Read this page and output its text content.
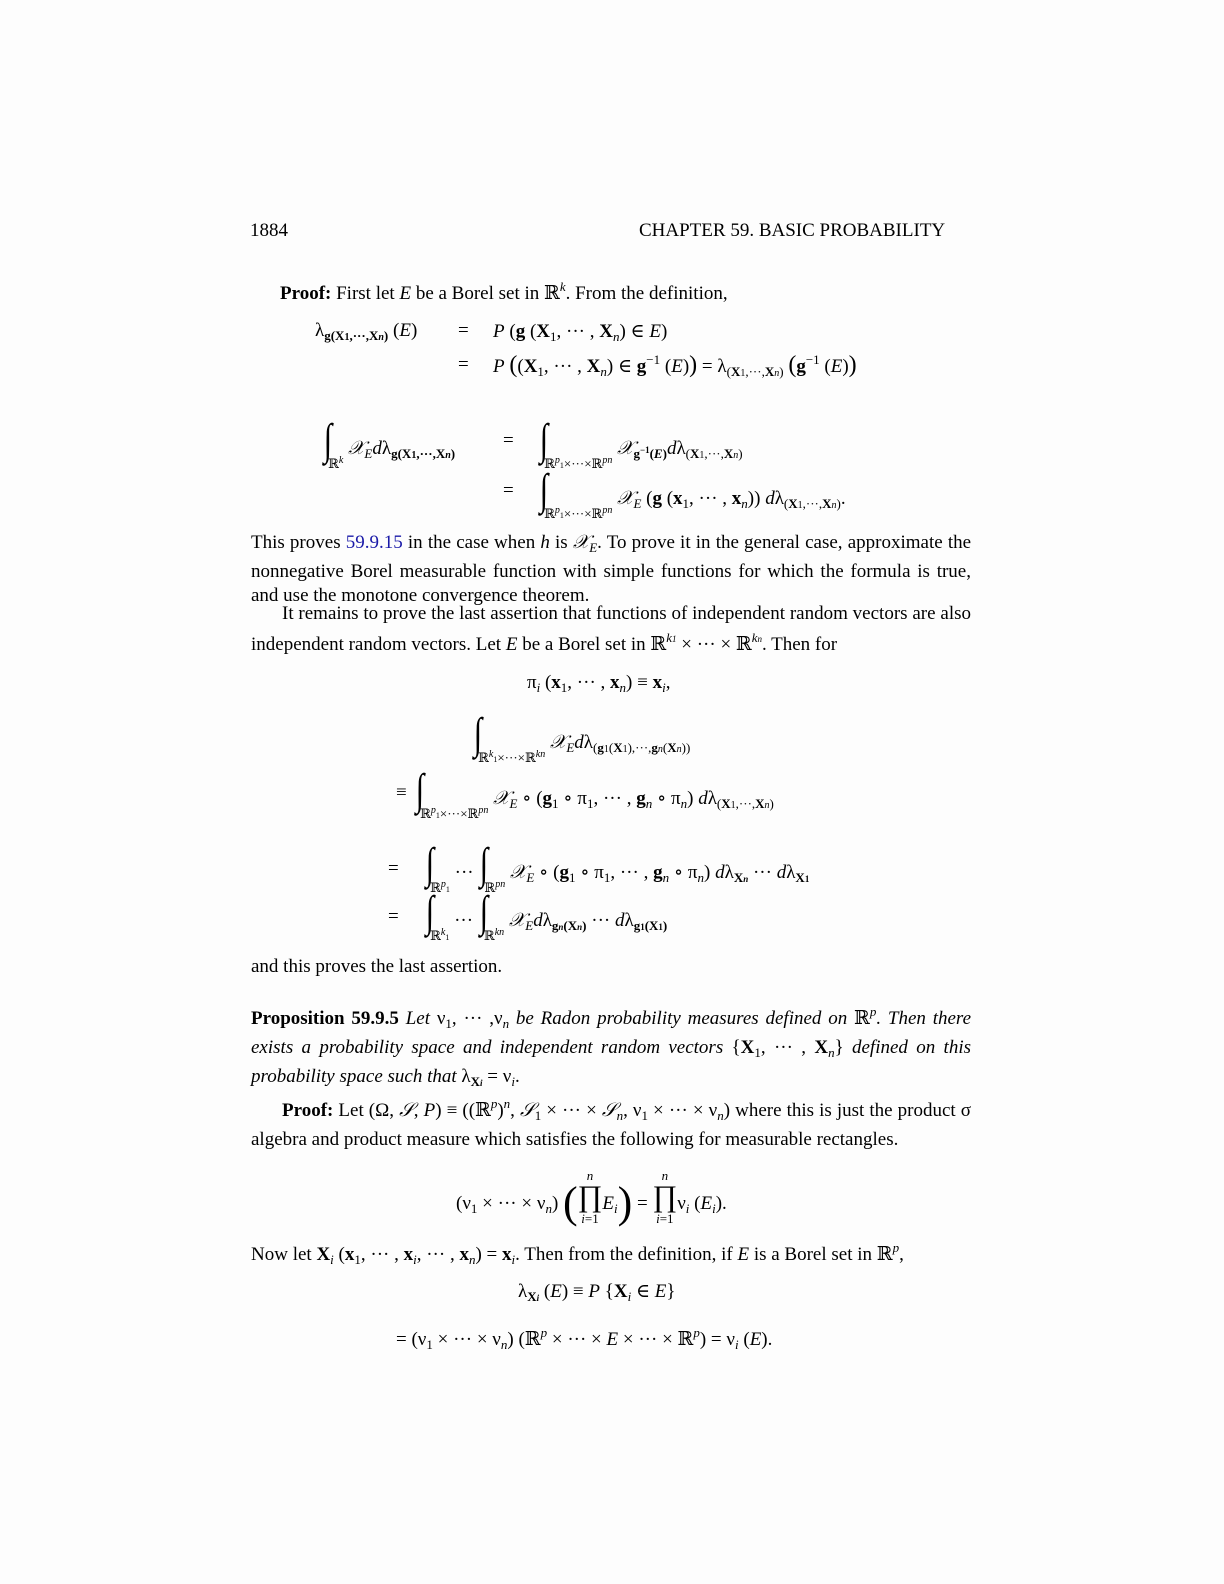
1884	CHAPTER 59. BASIC PROBABILITY
Proof: First let E be a Borel set in ℝ$^k$. From the definition,
$\lambda_{g(X1,\cdot\cdot\cdot,Xn)}$ (E) = P (g ($X_1$, ··· , $X_n$) ∈ E)
= P (($X_1$, ··· , $X_n$) ∈ $g^{-1}$ $(E)) = \lambda_{(X1,\cdot\cdot\cdot,Xn)}$ ($g^{-1}$ (E))
$\int_{ℝ^k}$ $𝒳_Ed\lambda_{g(X1,\cdot\cdot\cdot,Xn)}$
= $\int_{ℝ^p1\times\cdot\cdot\cdot\times ℝ^{pn}}$ $𝒳_{g^{-1}(E)}d\lambda_{(X1,\cdot\cdot\cdot,Xn)}$
= $\int_{ℝ^p1\times\cdot\cdot\cdot\times ℝ^{pn}}$ 𝒳$_E$ (g ($x_1$, ··· , $x_n$)) $d\lambda_{(X1,\cdot\cdot\cdot,Xn)}$.
This proves 59.9.15 in the case when h is 𝒳$_E$. To prove it in the general case, approximate the nonnegative Borel measurable function with simple functions for which the formula is true, and use the monotone convergence theorem.
It remains to prove the last assertion that functions of independent random vectors are also independent random vectors. Let E be a Borel set in ℝ$^{k1}$ × ··· × ℝ$^{kn}$. Then for
$\pi_i$ ($x_1$, ··· , $x_n) \equiv x_i$,
$\int_{ℝ^k1\times\cdot\cdot\cdot\times ℝ^{kn}}$ $𝒳_Ed\lambda_{(g1(X1),\cdot\cdot\cdot,gn(Xn))}$
≡ $\int_{ℝ^p1\times\cdot\cdot\cdot\times ℝ^{pn}}$ 𝒳$_E$ ∘ ($g_1$ ∘ $\pi_1$, ··· , $g_n$ ∘ $\pi_n$) $d\lambda_{(X1,\cdot\cdot\cdot,Xn)}$
= $\int_{ℝ^p1}$ ··· $\int_{ℝ^{pn}}$ 𝒳$_E$ ∘ ($g_1$ ∘ $\pi_1$, ··· , $g_n$ ∘ $\pi_n$) $d\lambda_{Xn}$ ··· $d\lambda_{X1}$
= $\int_{ℝ^k1}$ ··· $\int_{ℝ^{kn}}$ $𝒳_Ed\lambda_{gn(Xn)}$ ··· $d\lambda_{g1(X1)}$
and this proves the last assertion.
Proposition 59.9.5 Let $\nu_1$, ··· $,\nu_n$ be Radon probability measures defined on ℝ$^p$. Then there exists a probability space and independent random vectors {$X_1$, ··· , $X_n$} defined on this probability space such that $\lambda_{Xi} = \nu_i$.
Proof: Let (Ω, 𝒮, P) ≡ ((ℝ$^p$)$^n$, 𝒮$_1$ × ··· × 𝒮$_n$, $\nu_1$ × ··· × $\nu_n$) where this is just the product σ algebra and product measure which satisfies the following for measurable rectangles.
($\nu_1$ × ··· × $\nu_n$) (n
∏
$i=1E_i) = n$
∏
$i=1\nu_i$ $(E_i)$.
Now let $X_i$ ($x_1$, ··· , $x_i$, ··· , $x_n) = x_i$. Then from the definition, if E is a Borel set in ℝ$^p$,
$\lambda_{Xi}$ (E) ≡ P {$X_i$ ∈ E}
= ($\nu_1$ × ··· × $\nu_n$) (ℝ$^p$ × ··· × E × ··· × ℝ$^p$) = $\nu_i$ (E).
